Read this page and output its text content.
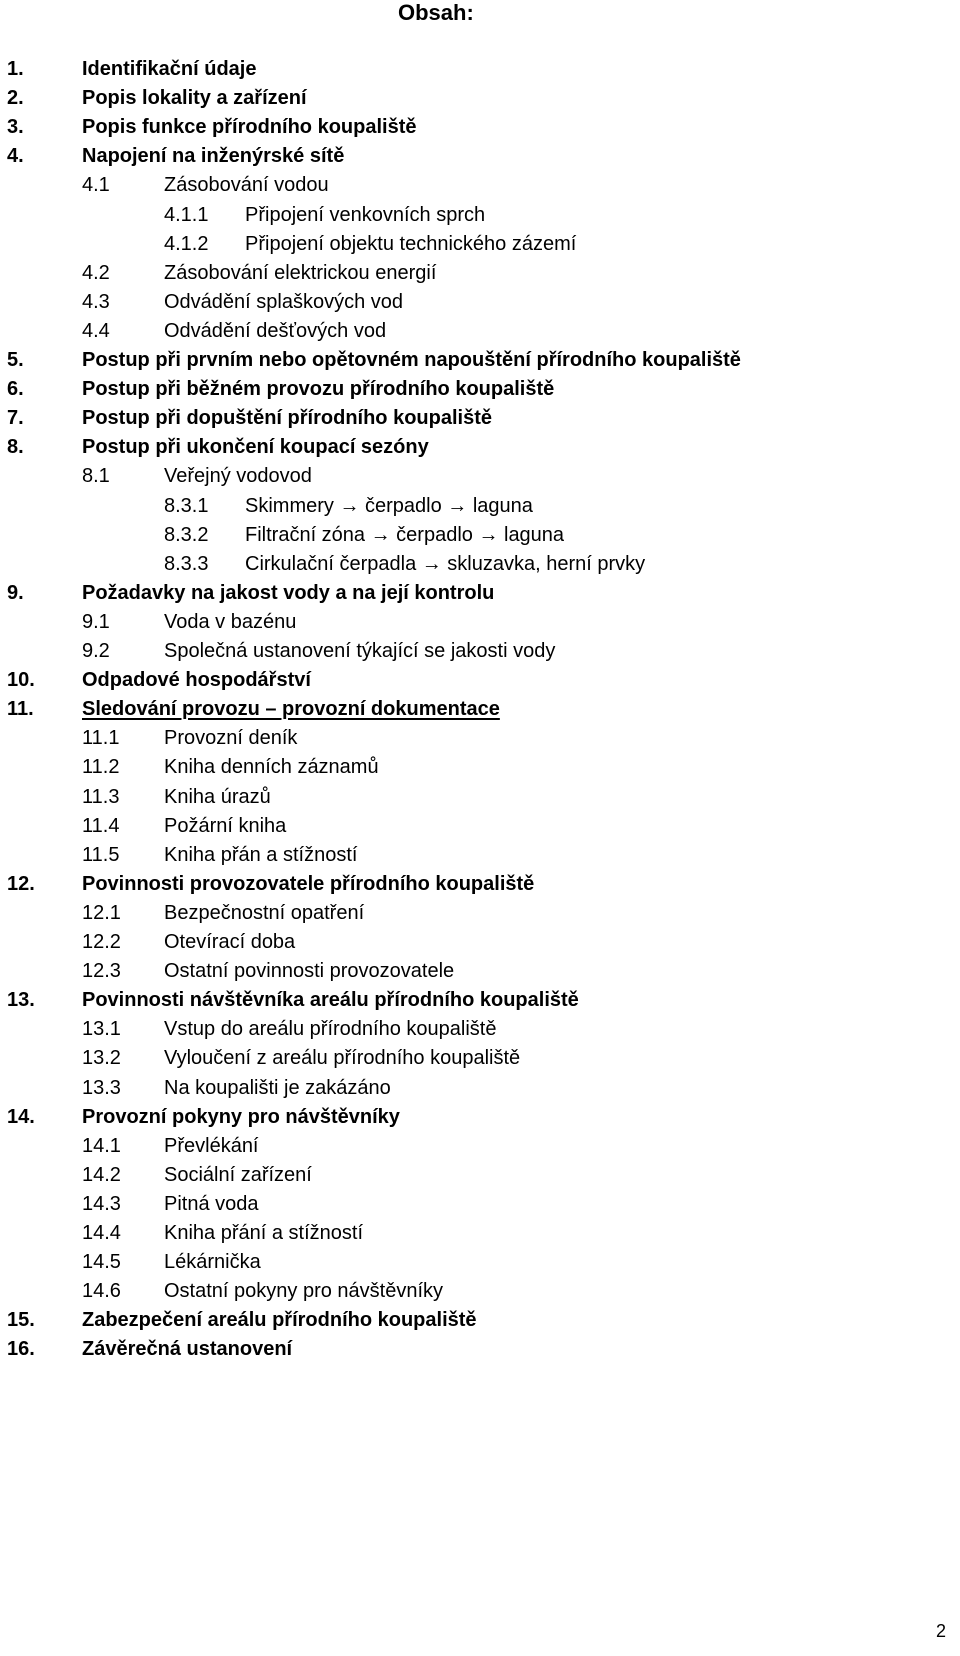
Obsah:
1.	Identifikační údaje
2.	Popis lokality a zařízení
3.	Popis funkce přírodního koupaliště
4.	Napojení na inženýrské sítě
4.1	Zásobování vodou
4.1.1 Připojení venkovních sprch
4.1.2 Připojení objektu technického zázemí
4.2	Zásobování elektrickou energií
4.3	Odvádění splaškových vod
4.4	Odvádění dešťových vod
5.	Postup při prvním nebo opětovném napouštění přírodního koupaliště
6.	Postup při běžném provozu přírodního koupaliště
7.	Postup při dopuštění přírodního koupaliště
8.	Postup při ukončení koupací sezóny
8.1	Veřejný vodovod
8.3.1 Skimmery → čerpadlo → laguna
8.3.2 Filtrační zóna → čerpadlo → laguna
8.3.3 Cirkulační čerpadla → skluzavka, herní prvky
9.	Požadavky na jakost vody a na její kontrolu
9.1	Voda v bazénu
9.2	Společná ustanovení týkající se jakosti vody
10. Odpadové hospodářství
11. Sledování provozu – provozní dokumentace
11.1 Provozní deník
11.2 Kniha denních záznamů
11.3 Kniha úrazů
11.4 Požární kniha
11.5 Kniha přán a stížností
12. Povinnosti provozovatele přírodního koupaliště
12.1 Bezpečnostní opatření
12.2 Otevírací doba
12.3 Ostatní povinnosti provozovatele
13. Povinnosti návštěvníka areálu přírodního koupaliště
13.1 Vstup do areálu přírodního koupaliště
13.2 Vyloučení z areálu přírodního koupaliště
13.3 Na koupališti je zakázáno
14. Provozní pokyny pro návštěvníky
14.1 Převlékání
14.2 Sociální zařízení
14.3 Pitná voda
14.4 Kniha přání a stížností
14.5 Lékárnička
14.6 Ostatní pokyny pro návštěvníky
15. Zabezpečení areálu přírodního koupaliště
16. Závěrečná ustanovení
2
